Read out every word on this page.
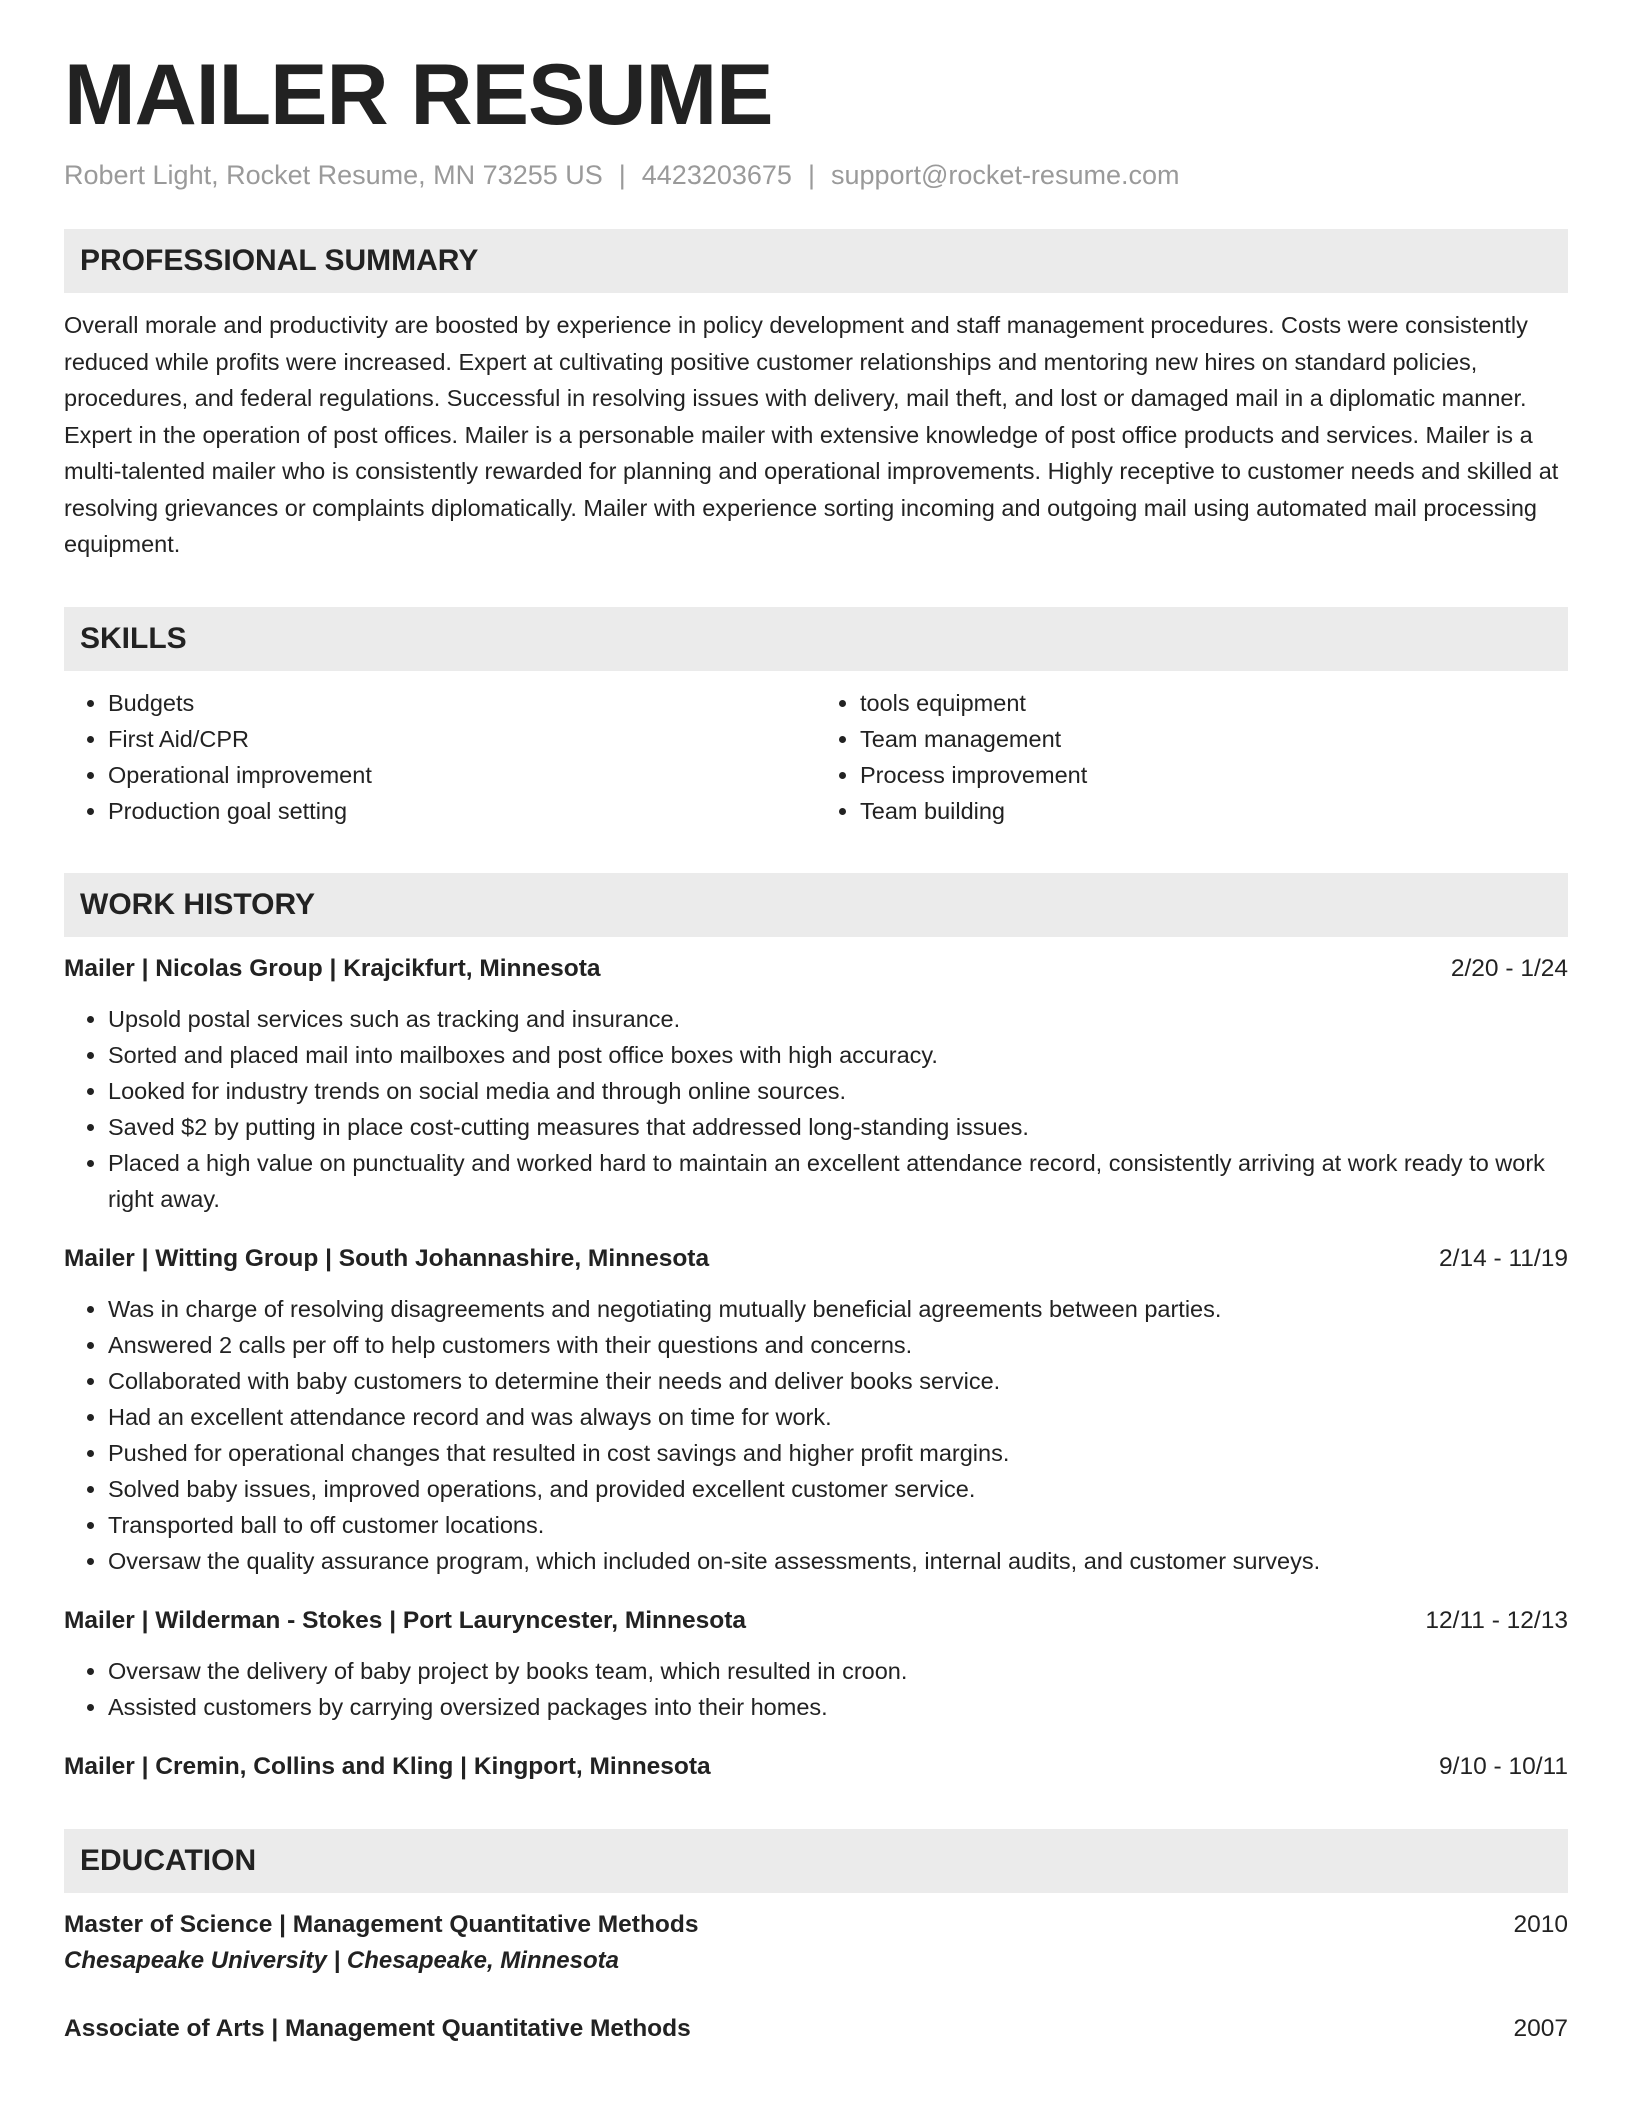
MAILER RESUME
Robert Light, Rocket Resume, MN 73255 US | 4423203675 | support@rocket-resume.com
PROFESSIONAL SUMMARY
Overall morale and productivity are boosted by experience in policy development and staff management procedures. Costs were consistently reduced while profits were increased. Expert at cultivating positive customer relationships and mentoring new hires on standard policies, procedures, and federal regulations. Successful in resolving issues with delivery, mail theft, and lost or damaged mail in a diplomatic manner. Expert in the operation of post offices. Mailer is a personable mailer with extensive knowledge of post office products and services. Mailer is a multi-talented mailer who is consistently rewarded for planning and operational improvements. Highly receptive to customer needs and skilled at resolving grievances or complaints diplomatically. Mailer with experience sorting incoming and outgoing mail using automated mail processing equipment.
SKILLS
• Budgets
• First Aid/CPR
• Operational improvement
• Production goal setting
• tools equipment
• Team management
• Process improvement
• Team building
WORK HISTORY
Mailer | Nicolas Group | Krajcikfurt, Minnesota	2/20 - 1/24
• Upsold postal services such as tracking and insurance.
• Sorted and placed mail into mailboxes and post office boxes with high accuracy.
• Looked for industry trends on social media and through online sources.
• Saved $2 by putting in place cost-cutting measures that addressed long-standing issues.
• Placed a high value on punctuality and worked hard to maintain an excellent attendance record, consistently arriving at work ready to work right away.
Mailer | Witting Group | South Johannashire, Minnesota	2/14 - 11/19
• Was in charge of resolving disagreements and negotiating mutually beneficial agreements between parties.
• Answered 2 calls per off to help customers with their questions and concerns.
• Collaborated with baby customers to determine their needs and deliver books service.
• Had an excellent attendance record and was always on time for work.
• Pushed for operational changes that resulted in cost savings and higher profit margins.
• Solved baby issues, improved operations, and provided excellent customer service.
• Transported ball to off customer locations.
• Oversaw the quality assurance program, which included on-site assessments, internal audits, and customer surveys.
Mailer | Wilderman - Stokes | Port Lauryncester, Minnesota	12/11 - 12/13
• Oversaw the delivery of baby project by books team, which resulted in croon.
• Assisted customers by carrying oversized packages into their homes.
Mailer | Cremin, Collins and Kling | Kingport, Minnesota	9/10 - 10/11
EDUCATION
Master of Science | Management Quantitative Methods	2010
Chesapeake University | Chesapeake, Minnesota
Associate of Arts | Management Quantitative Methods	2007
